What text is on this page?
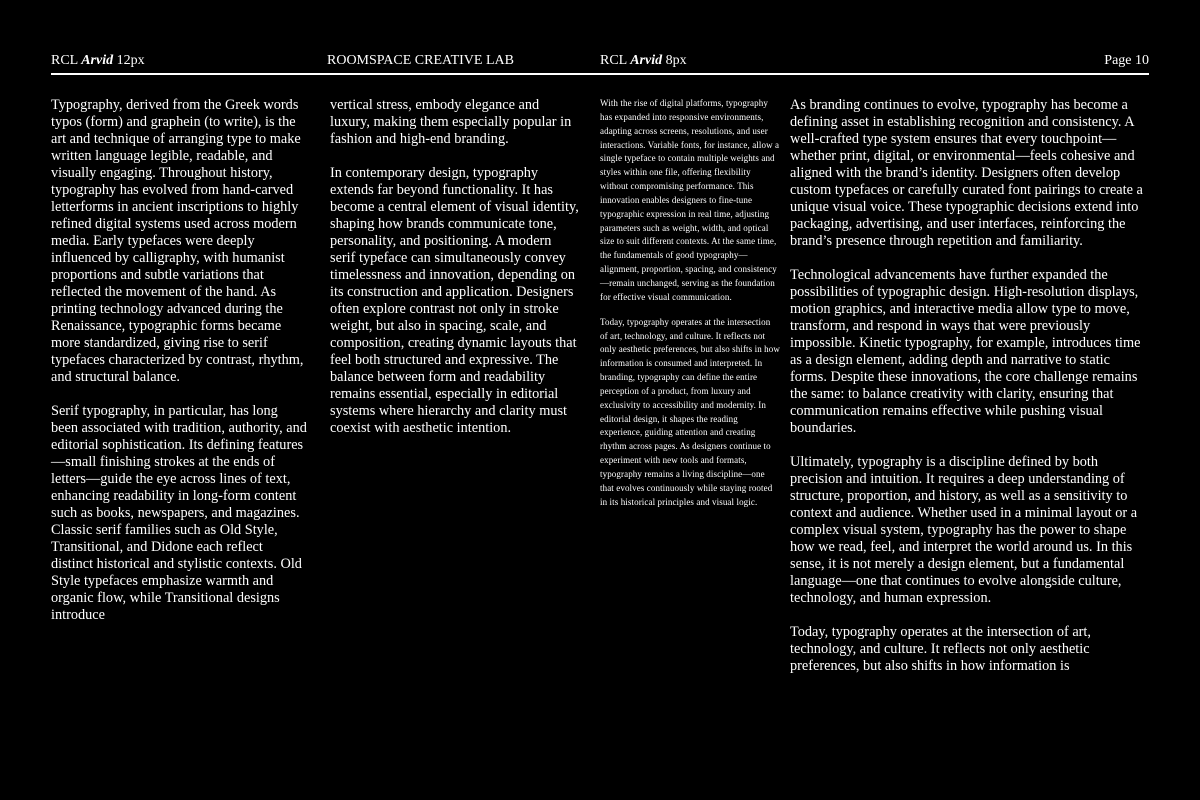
RCL Arvid 12px	ROOMSPACE CREATIVE LAB	RCL Arvid 8px	Page 10

Typography, derived from the Greek words typos (form) and graphein (to write), is the art and technique of arranging type to make written language legible, readable, and visually engaging. Throughout history, typography has evolved from hand-carved letterforms in ancient inscriptions to highly refined digital systems used across modern media. Early typefaces were deeply influenced by calligraphy, with humanist proportions and subtle variations that reflected the movement of the hand. As printing technology advanced during the Renaissance, typographic forms became more standardized, giving rise to serif typefaces characterized by contrast, rhythm, and structural balance.

Serif typography, in particular, has long been associated with tradition, authority, and editorial sophistication. Its defining features—small finishing strokes at the ends of letters—guide the eye across lines of text, enhancing readability in long-form content such as books, newspapers, and magazines. Classic serif families such as Old Style, Transitional, and Didone each reflect distinct historical and stylistic contexts. Old Style typefaces emphasize warmth and organic flow, while Transitional designs introduce

vertical stress, embody elegance and luxury, making them especially popular in fashion and high-end branding.

In contemporary design, typography extends far beyond functionality. It has become a central element of visual identity, shaping how brands communicate tone, personality, and positioning. A modern serif typeface can simultaneously convey timelessness and innovation, depending on its construction and application. Designers often explore contrast not only in stroke weight, but also in spacing, scale, and composition, creating dynamic layouts that feel both structured and expressive. The balance between form and readability remains essential, especially in editorial systems where hierarchy and clarity must coexist with aesthetic intention.

With the rise of digital platforms, typography has expanded into responsive environments, adapting across screens, resolutions, and user interactions. Variable fonts, for instance, allow a single typeface to contain multiple weights and styles within one file, offering flexibility without compromising performance. This innovation enables designers to fine-tune typographic expression in real time, adjusting parameters such as weight, width, and optical size to suit different contexts. At the same time, the fundamentals of good typography—alignment, proportion, spacing, and consistency—remain unchanged, serving as the foundation for effective visual communication.

Today, typography operates at the intersection of art, technology, and culture. It reflects not only aesthetic preferences, but also shifts in how information is consumed and interpreted. In branding, typography can define the entire perception of a product, from luxury and exclusivity to accessibility and modernity. In editorial design, it shapes the reading experience, guiding attention and creating rhythm across pages. As designers continue to experiment with new tools and formats, typography remains a living discipline—one that evolves continuously while staying rooted in its historical principles and visual logic.

As branding continues to evolve, typography has become a defining asset in establishing recognition and consistency. A well-crafted type system ensures that every touchpoint—whether print, digital, or environmental—feels cohesive and aligned with the brand’s identity. Designers often develop custom typefaces or carefully curated font pairings to create a unique visual voice. These typographic decisions extend into packaging, advertising, and user interfaces, reinforcing the brand’s presence through repetition and familiarity.

Technological advancements have further expanded the possibilities of typographic design. High-resolution displays, motion graphics, and interactive media allow type to move, transform, and respond in ways that were previously impossible. Kinetic typography, for example, introduces time as a design element, adding depth and narrative to static forms. Despite these innovations, the core challenge remains the same: to balance creativity with clarity, ensuring that communication remains effective while pushing visual boundaries.

Ultimately, typography is a discipline defined by both precision and intuition. It requires a deep understanding of structure, proportion, and history, as well as a sensitivity to context and audience. Whether used in a minimal layout or a complex visual system, typography has the power to shape how we read, feel, and interpret the world around us. In this sense, it is not merely a design element, but a fundamental language—one that continues to evolve alongside culture, technology, and human expression.

Today, typography operates at the intersection of art, technology, and culture. It reflects not only aesthetic preferences, but also shifts in how information is
